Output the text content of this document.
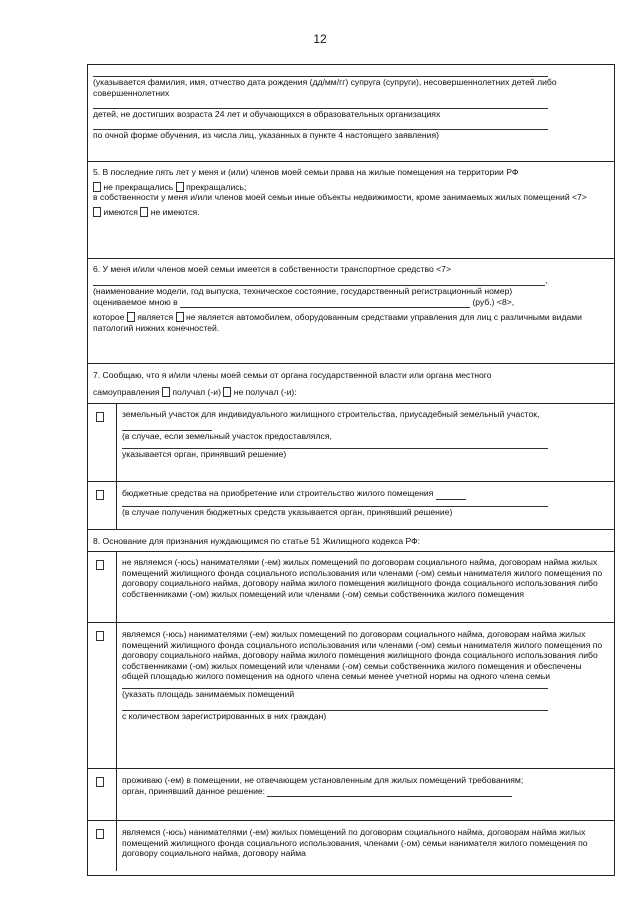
12

(указывается фамилия, имя, отчество дата рождения (дд/мм/гг) супруга (супруги), несовершеннолетних детей либо совершеннолетних

детей, не достигших возраста 24 лет и обучающихся в образовательных организациях

по очной форме обучения, из числа лиц, указанных в пункте 4 настоящего заявления)

5. В последние пять лет у меня и (или) членов моей семьи права на жилые помещения на территории РФ

не прекращались прекращались;

в собственности у меня и/или членов моей семьи иные объекты недвижимости, кроме занимаемых жилых помещений <7>

имеются не имеются.

6. У меня и/или членов моей семьи имеется в собственности транспортное средство <7>

,

(наименование модели, год выпуска, техническое состояние, государственный регистрационный номер)

оцениваемое мною в	(руб.) <8>,

которое является не является автомобилем, оборудованным средствами управления для лиц с различными видами патологий нижних конечностей.

7. Сообщаю, что я и/или члены моей семьи от органа государственной власти или органа местного

самоуправления получал (-и) не получал (-и):

земельный участок для индивидуального жилищного строительства, приусадебный земельный участок,

(в случае, если земельный участок предоставлялся,

указывается орган, принявший решение)

бюджетные средства на приобретение или строительство жилого помещения

(в случае получения бюджетных средств указывается орган, принявший решение)

8. Основание для признания нуждающимся по статье 51 Жилищного кодекса РФ:

не являемся (-юсь) нанимателями (-ем) жилых помещений по договорам социального найма, договорам найма жилых помещений жилищного фонда социального использования или членами (-ом) семьи нанимателя жилого помещения по договору социального найма, договору найма жилого помещения жилищного фонда социального использования либо собственниками (-ом) жилых помещений или членами (-ом) семьи собственника жилого помещения

являемся (-юсь) нанимателями (-ем) жилых помещений по договорам социального найма, договорам найма жилых помещений жилищного фонда социального использования или членами (-ом) семьи нанимателя жилого помещения по договору социального найма, договору найма жилого помещения жилищного фонда социального использования либо собственниками (-ом) жилых помещений или членами (-ом) семьи собственника жилого помещения и обеспечены общей площадью жилого помещения на одного члена семьи менее учетной нормы на одного члена семьи

(указать площадь занимаемых помещений

с количеством зарегистрированных в них граждан)

проживаю (-ем) в помещении, не отвечающем установленным для жилых помещений требованиям;

орган, принявший данное решение:

являемся (-юсь) нанимателями (-ем) жилых помещений по договорам социального найма, договорам найма жилых помещений жилищного фонда социального использования, членами (-ом) семьи нанимателя жилого помещения по договору социального найма, договору найма
